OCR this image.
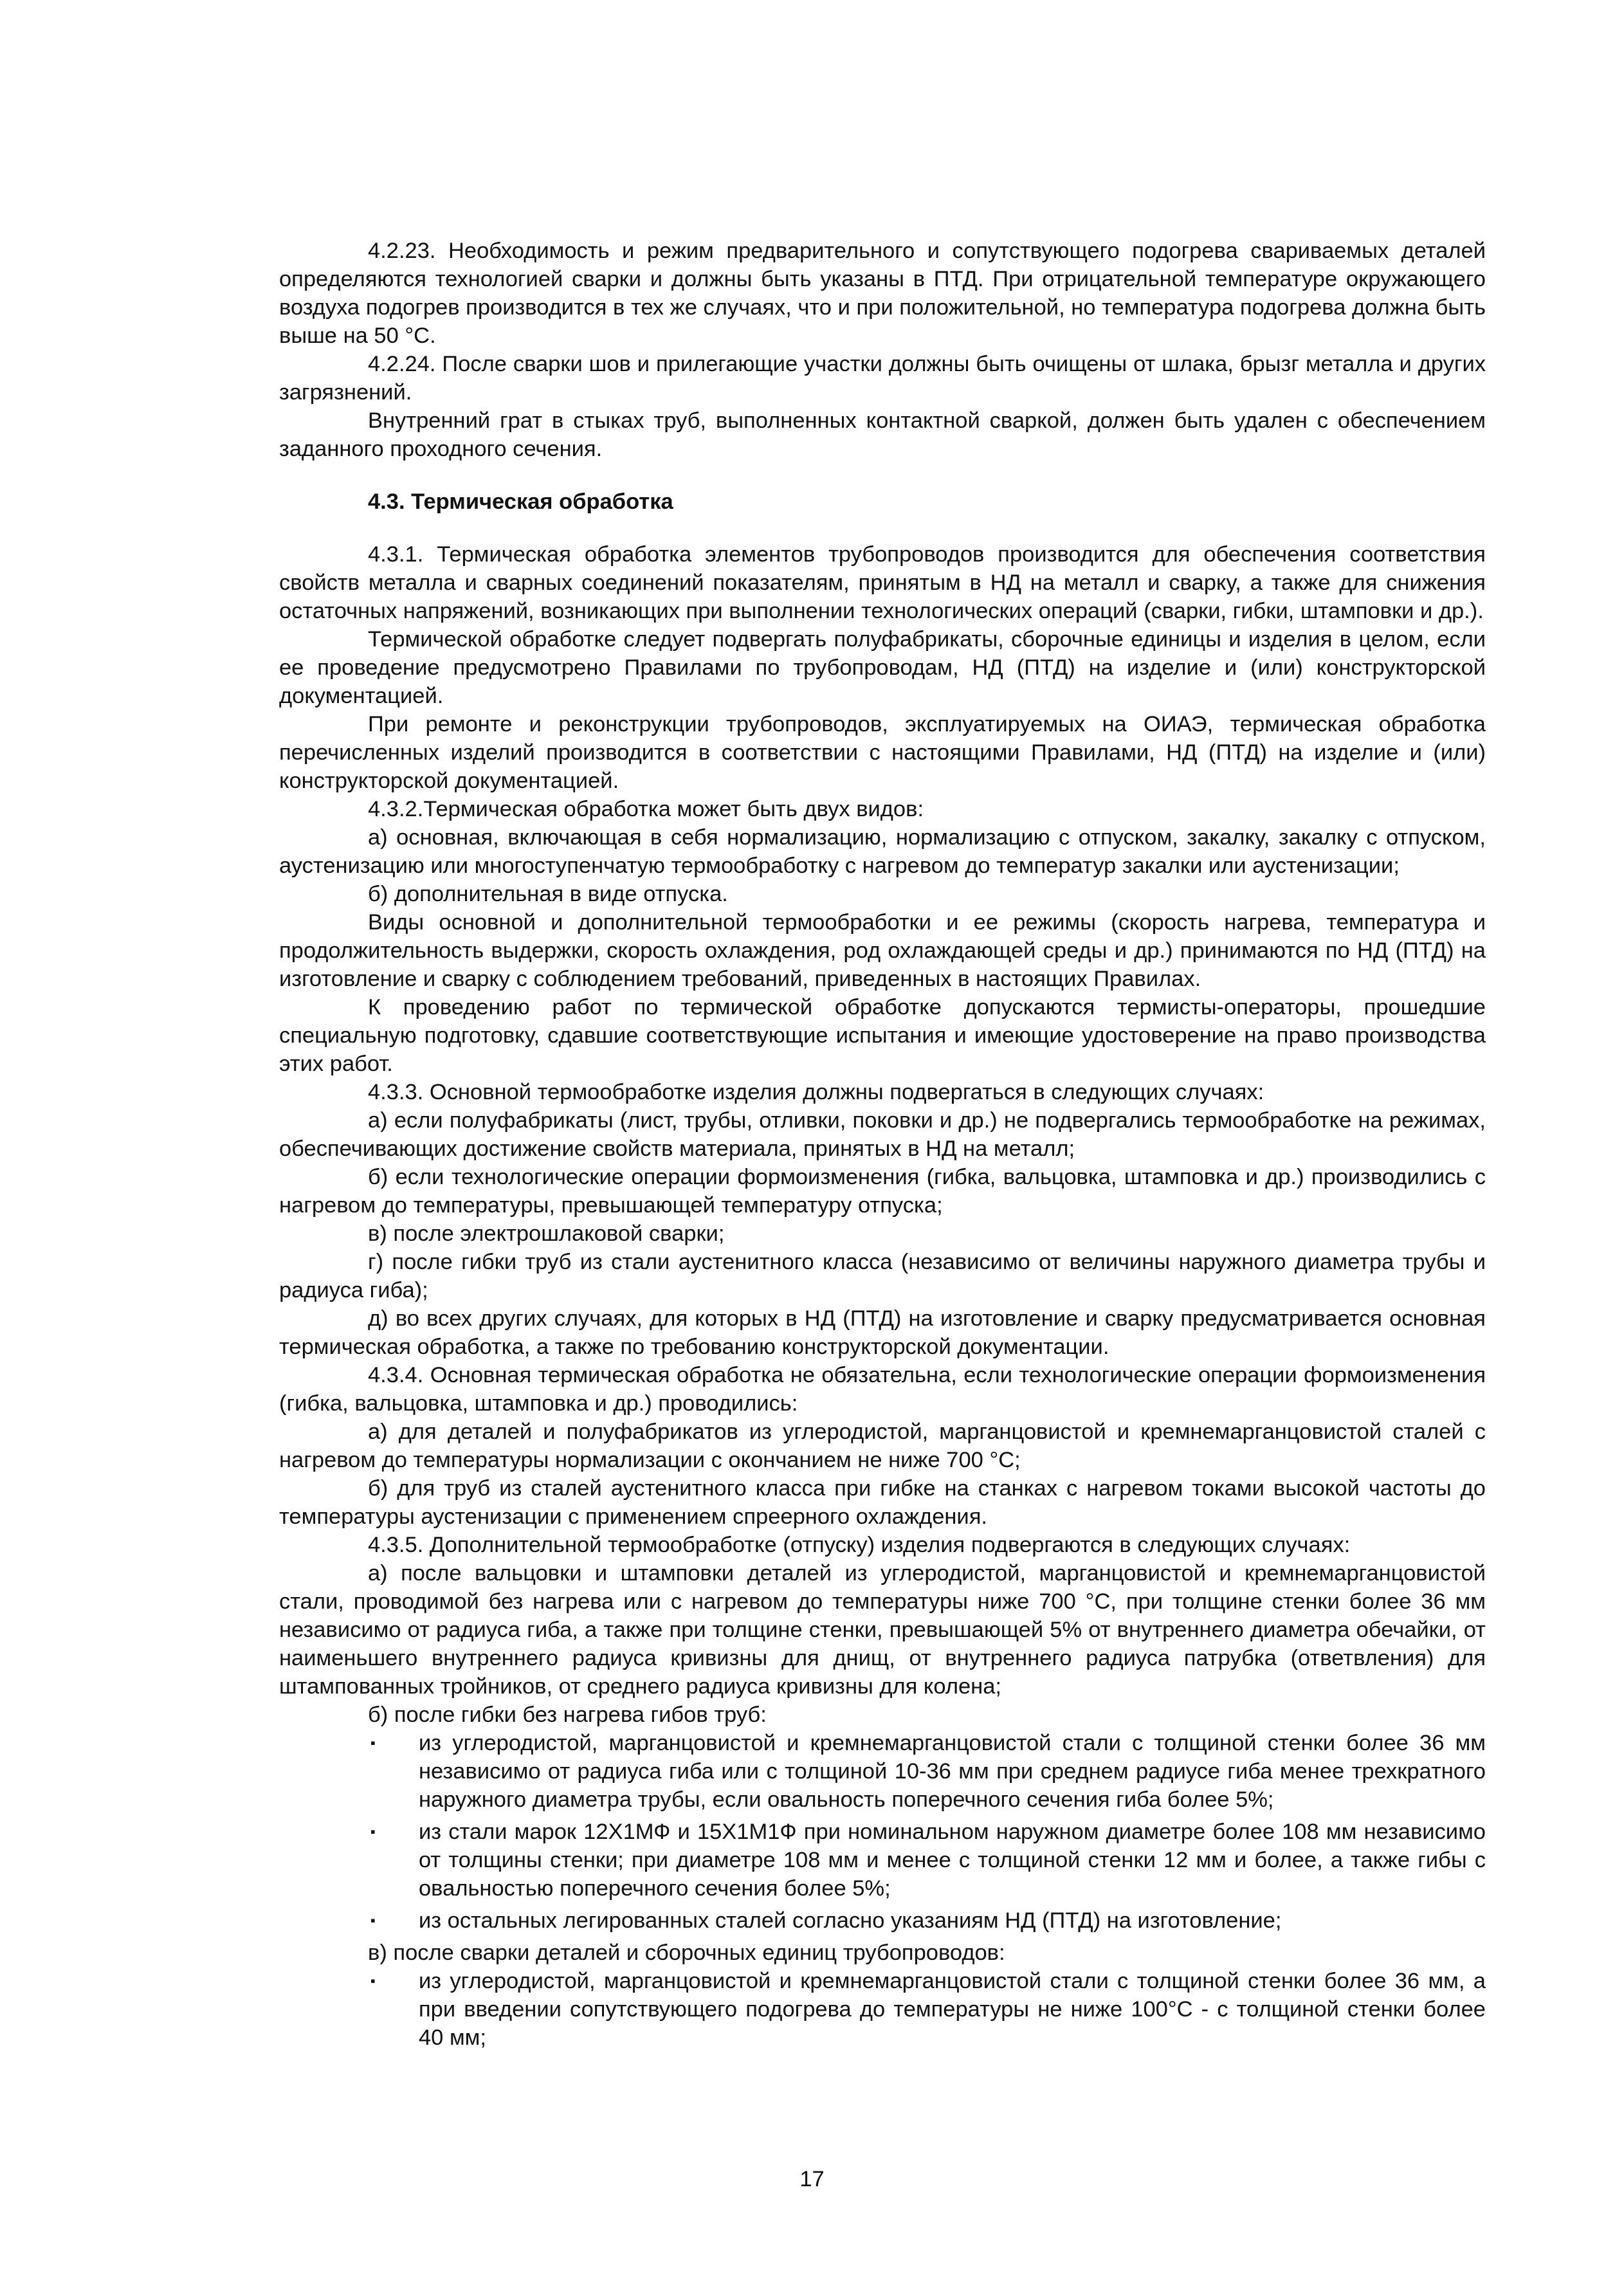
4.2.23. Необходимость и режим предварительного и сопутствующего подогрева свариваемых деталей определяются технологией сварки и должны быть указаны в ПТД. При отрицательной температуре окружающего воздуха подогрев производится в тех же случаях, что и при положительной, но температура подогрева должна быть выше на 50 °С.

4.2.24. После сварки шов и прилегающие участки должны быть очищены от шлака, брызг металла и других загрязнений.

Внутренний грат в стыках труб, выполненных контактной сваркой, должен быть удален с обеспечением заданного проходного сечения.

4.3. Термическая обработка

4.3.1. Термическая обработка элементов трубопроводов производится для обеспечения соответствия свойств металла и сварных соединений показателям, принятым в НД на металл и сварку, а также для снижения остаточных напряжений, возникающих при выполнении технологических операций (сварки, гибки, штамповки и др.).

Термической обработке следует подвергать полуфабрикаты, сборочные единицы и изделия в целом, если ее проведение предусмотрено Правилами по трубопроводам, НД (ПТД) на изделие и (или) конструкторской документацией.

При ремонте и реконструкции трубопроводов, эксплуатируемых на ОИАЭ, термическая обработка перечисленных изделий производится в соответствии с настоящими Правилами, НД (ПТД) на изделие и (или) конструкторской документацией.

4.3.2.Термическая обработка может быть двух видов:

а) основная, включающая в себя нормализацию, нормализацию с отпуском, закалку, закалку с отпуском, аустенизацию или многоступенчатую термообработку с нагревом до температур закалки или аустенизации;

б) дополнительная в виде отпуска.

Виды основной и дополнительной термообработки и ее режимы (скорость нагрева, температура и продолжительность выдержки, скорость охлаждения, род охлаждающей среды и др.) принимаются по НД (ПТД) на изготовление и сварку с соблюдением требований, приведенных в настоящих Правилах.

К проведению работ по термической обработке допускаются термисты-операторы, прошедшие специальную подготовку, сдавшие соответствующие испытания и имеющие удостоверение на право производства этих работ.

4.3.3. Основной термообработке изделия должны подвергаться в следующих случаях:

а) если полуфабрикаты (лист, трубы, отливки, поковки и др.) не подвергались термообработке на режимах, обеспечивающих достижение свойств материала, принятых в НД на металл;

б) если технологические операции формоизменения (гибка, вальцовка, штамповка и др.) производились с нагревом до температуры, превышающей температуру отпуска;

в) после электрошлаковой сварки;

г) после гибки труб из стали аустенитного класса (независимо от величины наружного диаметра трубы и радиуса гиба);

д) во всех других случаях, для которых в НД (ПТД) на изготовление и сварку предусматривается основная термическая обработка, а также по требованию конструкторской документации.

4.3.4. Основная термическая обработка не обязательна, если технологические операции формоизменения (гибка, вальцовка, штамповка и др.) проводились:

а) для деталей и полуфабрикатов из углеродистой, марганцовистой и кремнемарганцовистой сталей с нагревом до температуры нормализации с окончанием не ниже 700 °С;

б) для труб из сталей аустенитного класса при гибке на станках с нагревом токами высокой частоты до температуры аустенизации с применением спреерного охлаждения.

4.3.5. Дополнительной термообработке (отпуску) изделия подвергаются в следующих случаях:

а) после вальцовки и штамповки деталей из углеродистой, марганцовистой и кремнемарганцовистой стали, проводимой без нагрева или с нагревом до температуры ниже 700 °С, при толщине стенки более 36 мм независимо от радиуса гиба, а также при толщине стенки, превышающей 5% от внутреннего диаметра обечайки, от наименьшего внутреннего радиуса кривизны для днищ, от внутреннего радиуса патрубка (ответвления) для штампованных тройников, от среднего радиуса кривизны для колена;

б) после гибки без нагрева гибов труб:

▪	из углеродистой, марганцовистой и кремнемарганцовистой стали с толщиной стенки более 36 мм независимо от радиуса гиба или с толщиной 10-36 мм при среднем радиусе гиба менее трехкратного наружного диаметра трубы, если овальность поперечного сечения гиба более 5%;
▪	из стали марок 12Х1МФ и 15Х1М1Ф при номинальном наружном диаметре более 108 мм независимо от толщины стенки; при диаметре 108 мм и менее с толщиной стенки 12 мм и более, а также гибы с овальностью поперечного сечения более 5%;
▪	из остальных легированных сталей согласно указаниям НД (ПТД) на изготовление;

в) после сварки деталей и сборочных единиц трубопроводов:

▪	из углеродистой, марганцовистой и кремнемарганцовистой стали с толщиной стенки более 36 мм, а при введении сопутствующего подогрева до температуры не ниже 100°С - с толщиной стенки более 40 мм;
17
